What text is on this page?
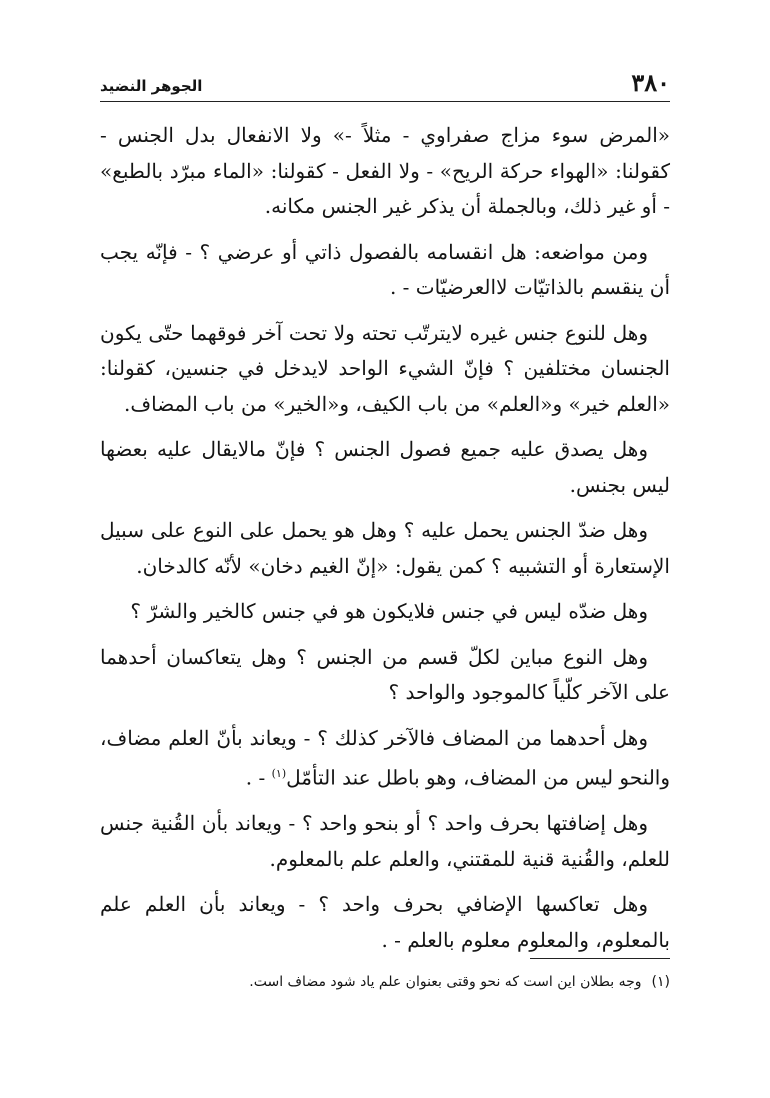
٣٨٠
الجوهر النضيد

«المرض سوء مزاج صفراوي - مثلاً -» ولا الانفعال بدل الجنس - كقولنا: «الهواء حركة الريح» - ولا الفعل - كقولنا: «الماء مبرّد بالطبع» - أو غير ذلك، وبالجملة أن يذكر غير الجنس مكانه.

ومن مواضعه: هل انقسامه بالفصول ذاتي أو عرضي ؟ - فإنّه يجب أن ينقسم بالذاتيّات لاالعرضيّات - .

وهل للنوع جنس غيره لايترتّب تحته ولا تحت آخر فوقهما حتّى يكون الجنسان مختلفين ؟ فإنّ الشيء الواحد لايدخل في جنسين، كقولنا: «العلم خير» و«العلم» من باب الكيف، و«الخير» من باب المضاف.

وهل يصدق عليه جميع فصول الجنس ؟ فإنّ مالايقال عليه بعضها ليس بجنس.

وهل ضدّ الجنس يحمل عليه ؟ وهل هو يحمل على النوع على سبيل الإستعارة أو التشبيه ؟ كمن يقول: «إنّ الغيم دخان» لأنّه كالدخان.

وهل ضدّه ليس في جنس فلايكون هو في جنس كالخير والشرّ ؟

وهل النوع مباين لكلّ قسم من الجنس ؟ وهل يتعاكسان أحدهما على الآخر كلّياً كالموجود والواحد ؟

وهل أحدهما من المضاف فالآخر كذلك ؟ - ويعاند بأنّ العلم مضاف، والنحو ليس من المضاف، وهو باطل عند التأمّل$^{(١)}$ - .

وهل إضافتها بحرف واحد ؟ أو بنحو واحد ؟ - ويعاند بأن القُنية جنس للعلم، والقُنية قنية للمقتني، والعلم علم بالمعلوم.

وهل تعاكسها الإضافي بحرف واحد ؟ - ويعاند بأن العلم علم بالمعلوم، والمعلوم معلوم بالعلم - .

(١)وجه بطلان اين است كه نحو وقتى بعنوان علم ياد شود مضاف است.
